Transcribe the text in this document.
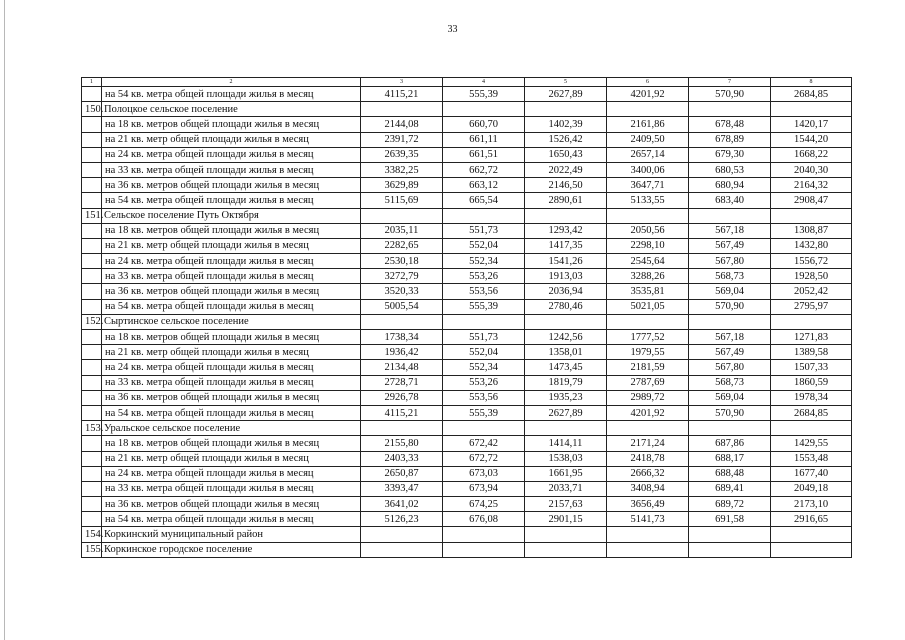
33
1	2	3	4	5	6	7	8
	на 54 кв. метра общей площади жилья в месяц	4115,21	555,39	2627,89	4201,92	570,90	2684,85
150.	Полоцкое сельское поселение						
	на 18 кв. метров общей площади жилья в месяц	2144,08	660,70	1402,39	2161,86	678,48	1420,17
	на 21 кв. метр общей площади жилья в месяц	2391,72	661,11	1526,42	2409,50	678,89	1544,20
	на 24 кв. метра общей площади жилья в месяц	2639,35	661,51	1650,43	2657,14	679,30	1668,22
	на 33 кв. метра общей площади жилья в месяц	3382,25	662,72	2022,49	3400,06	680,53	2040,30
	на 36 кв. метров общей площади жилья в месяц	3629,89	663,12	2146,50	3647,71	680,94	2164,32
	на 54 кв. метра общей площади жилья в месяц	5115,69	665,54	2890,61	5133,55	683,40	2908,47
151.	Сельское поселение Путь Октября						
	на 18 кв. метров общей площади жилья в месяц	2035,11	551,73	1293,42	2050,56	567,18	1308,87
	на 21 кв. метр общей площади жилья в месяц	2282,65	552,04	1417,35	2298,10	567,49	1432,80
	на 24 кв. метра общей площади жилья в месяц	2530,18	552,34	1541,26	2545,64	567,80	1556,72
	на 33 кв. метра общей площади жилья в месяц	3272,79	553,26	1913,03	3288,26	568,73	1928,50
	на 36 кв. метров общей площади жилья в месяц	3520,33	553,56	2036,94	3535,81	569,04	2052,42
	на 54 кв. метра общей площади жилья в месяц	5005,54	555,39	2780,46	5021,05	570,90	2795,97
152.	Сыртинское сельское поселение						
	на 18 кв. метров общей площади жилья в месяц	1738,34	551,73	1242,56	1777,52	567,18	1271,83
	на 21 кв. метр общей площади жилья в месяц	1936,42	552,04	1358,01	1979,55	567,49	1389,58
	на 24 кв. метра общей площади жилья в месяц	2134,48	552,34	1473,45	2181,59	567,80	1507,33
	на 33 кв. метра общей площади жилья в месяц	2728,71	553,26	1819,79	2787,69	568,73	1860,59
	на 36 кв. метров общей площади жилья в месяц	2926,78	553,56	1935,23	2989,72	569,04	1978,34
	на 54 кв. метра общей площади жилья в месяц	4115,21	555,39	2627,89	4201,92	570,90	2684,85
153.	Уральское сельское поселение						
	на 18 кв. метров общей площади жилья в месяц	2155,80	672,42	1414,11	2171,24	687,86	1429,55
	на 21 кв. метр общей площади жилья в месяц	2403,33	672,72	1538,03	2418,78	688,17	1553,48
	на 24 кв. метра общей площади жилья в месяц	2650,87	673,03	1661,95	2666,32	688,48	1677,40
	на 33 кв. метра общей площади жилья в месяц	3393,47	673,94	2033,71	3408,94	689,41	2049,18
	на 36 кв. метров общей площади жилья в месяц	3641,02	674,25	2157,63	3656,49	689,72	2173,10
	на 54 кв. метра общей площади жилья в месяц	5126,23	676,08	2901,15	5141,73	691,58	2916,65
154.	Коркинский муниципальный район						
155.	Коркинское городское поселение						
